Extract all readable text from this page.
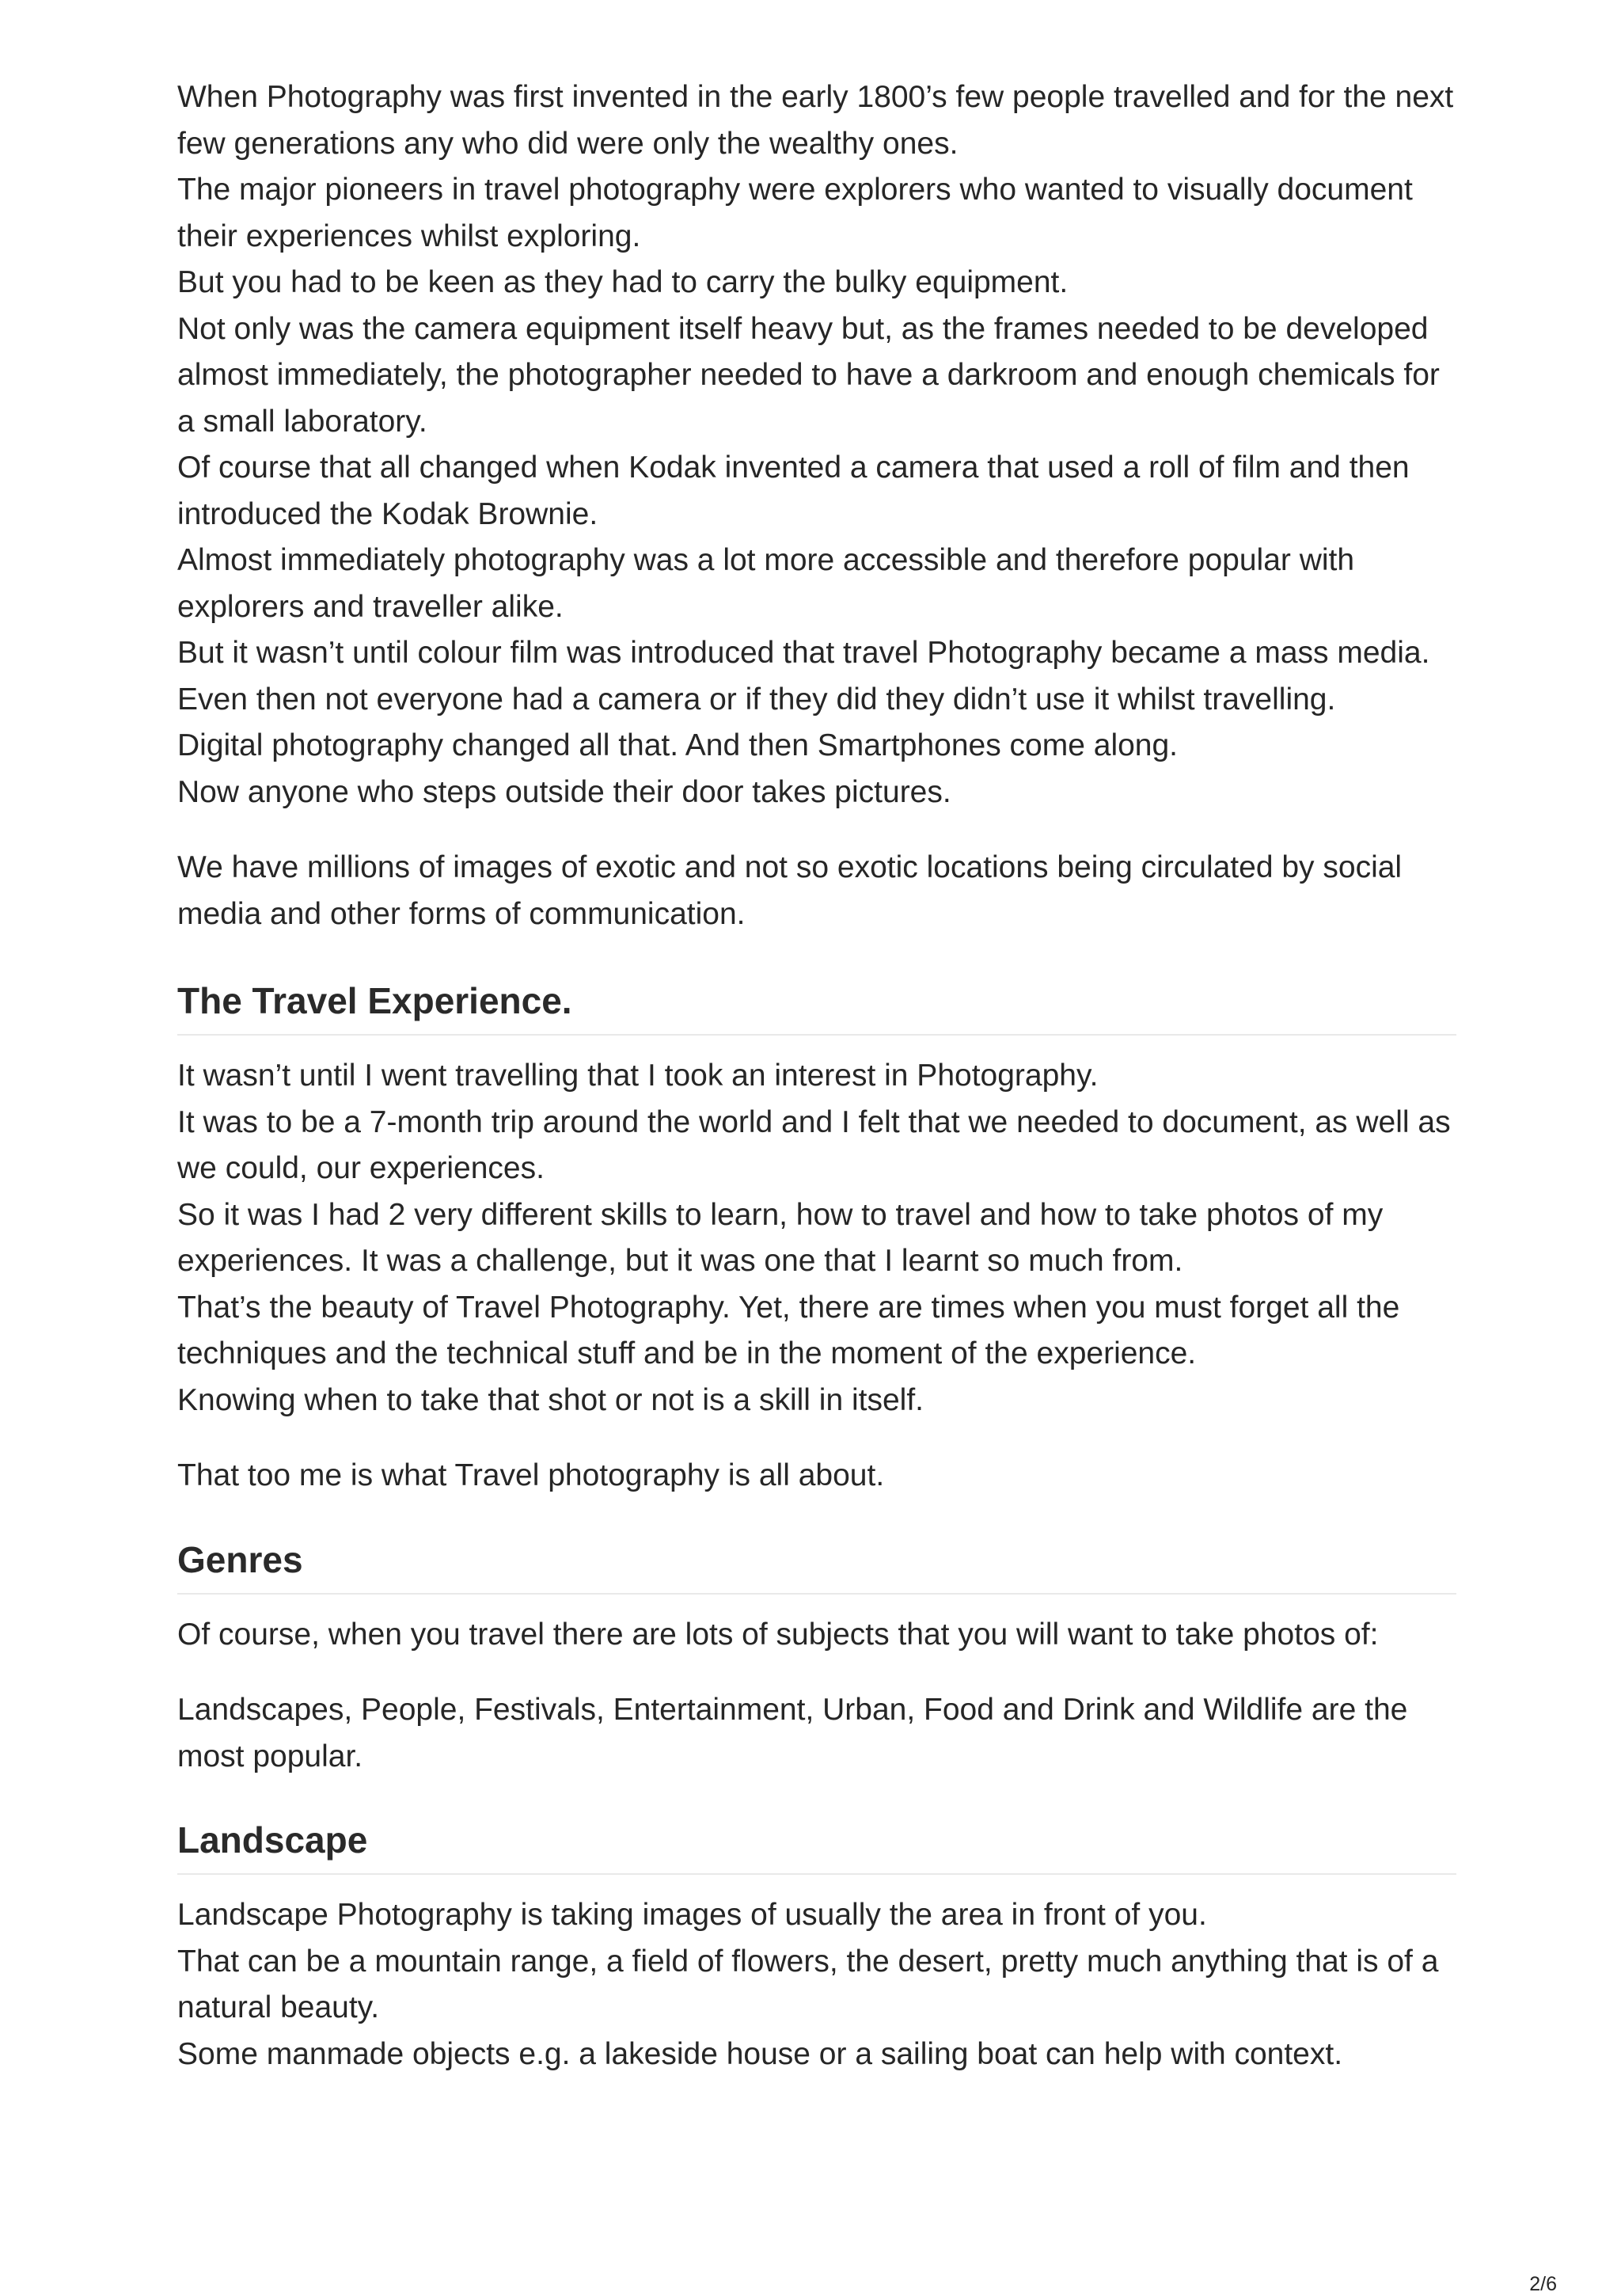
When Photography was first invented in the early 1800’s few people travelled and for the next few generations any who did were only the wealthy ones.

The major pioneers in travel photography were explorers who wanted to visually document their experiences whilst exploring.

But you had to be keen as they had to carry the bulky equipment.

Not only was the camera equipment itself heavy but, as the frames needed to be developed almost immediately, the photographer needed to have a darkroom and enough chemicals for a small laboratory.

Of course that all changed when Kodak invented a camera that used a roll of film and then introduced the Kodak Brownie.

Almost immediately photography was a lot more accessible and therefore popular with explorers and traveller alike.

But it wasn’t until colour film was introduced that travel Photography became a mass media.

Even then not everyone had a camera or if they did they didn’t use it whilst travelling.

Digital photography changed all that. And then Smartphones come along.

Now anyone who steps outside their door takes pictures.

We have millions of images of exotic and not so exotic locations being circulated by social media and other forms of communication.

The Travel Experience.

It wasn’t until I went travelling that I took an interest in Photography.

It was to be a 7-month trip around the world and I felt that we needed to document, as well as we could, our experiences.

So it was I had 2 very different skills to learn, how to travel and how to take photos of my experiences. It was a challenge, but it was one that I learnt so much from.

That’s the beauty of Travel Photography. Yet, there are times when you must forget all the techniques and the technical stuff and be in the moment of the experience.

Knowing when to take that shot or not is a skill in itself.

That too me is what Travel photography is all about.

Genres

Of course, when you travel there are lots of subjects that you will want to take photos of:

Landscapes, People, Festivals, Entertainment, Urban, Food and Drink and Wildlife are the most popular.

Landscape

Landscape Photography is taking images of usually the area in front of you.

That can be a mountain range, a field of flowers, the desert, pretty much anything that is of a natural beauty.

Some manmade objects e.g. a lakeside house or a sailing boat can help with context.

2/6
